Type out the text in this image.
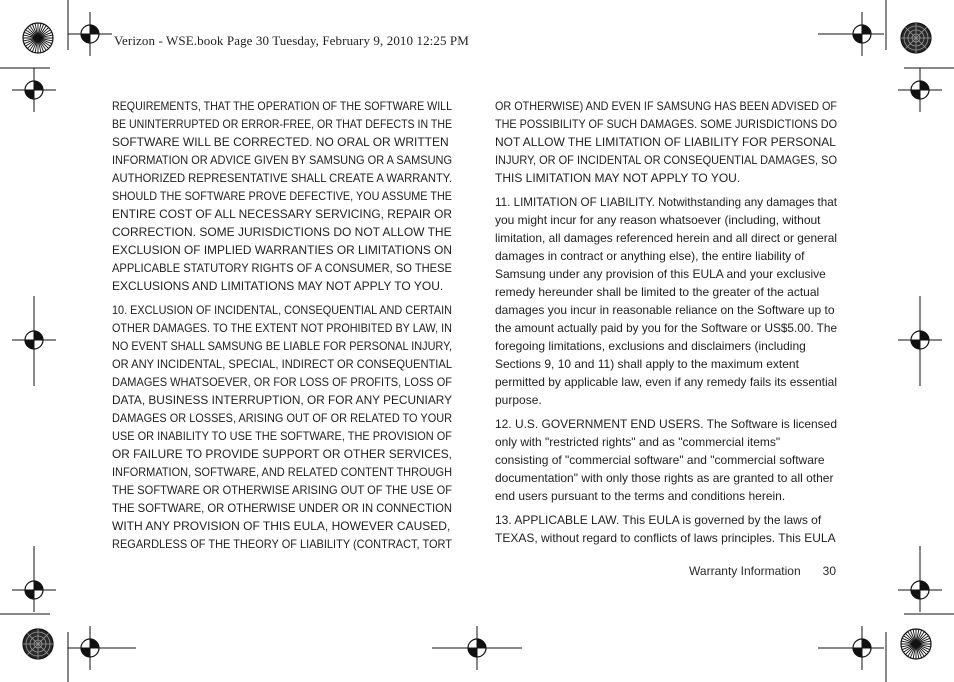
Verizon - WSE.book Page 30 Tuesday, February 9, 2010 12:25 PM

REQUIREMENTS, THAT THE OPERATION OF THE SOFTWARE WILL
BE UNINTERRUPTED OR ERROR-FREE, OR THAT DEFECTS IN THE
SOFTWARE WILL BE CORRECTED. NO ORAL OR WRITTEN
INFORMATION OR ADVICE GIVEN BY SAMSUNG OR A SAMSUNG
AUTHORIZED REPRESENTATIVE SHALL CREATE A WARRANTY.
SHOULD THE SOFTWARE PROVE DEFECTIVE, YOU ASSUME THE
ENTIRE COST OF ALL NECESSARY SERVICING, REPAIR OR
CORRECTION. SOME JURISDICTIONS DO NOT ALLOW THE
EXCLUSION OF IMPLIED WARRANTIES OR LIMITATIONS ON
APPLICABLE STATUTORY RIGHTS OF A CONSUMER, SO THESE
EXCLUSIONS AND LIMITATIONS MAY NOT APPLY TO YOU.

10. EXCLUSION OF INCIDENTAL, CONSEQUENTIAL AND CERTAIN
OTHER DAMAGES. TO THE EXTENT NOT PROHIBITED BY LAW, IN
NO EVENT SHALL SAMSUNG BE LIABLE FOR PERSONAL INJURY,
OR ANY INCIDENTAL, SPECIAL, INDIRECT OR CONSEQUENTIAL
DAMAGES WHATSOEVER, OR FOR LOSS OF PROFITS, LOSS OF
DATA, BUSINESS INTERRUPTION, OR FOR ANY PECUNIARY
DAMAGES OR LOSSES, ARISING OUT OF OR RELATED TO YOUR
USE OR INABILITY TO USE THE SOFTWARE, THE PROVISION OF
OR FAILURE TO PROVIDE SUPPORT OR OTHER SERVICES,
INFORMATION, SOFTWARE, AND RELATED CONTENT THROUGH
THE SOFTWARE OR OTHERWISE ARISING OUT OF THE USE OF
THE SOFTWARE, OR OTHERWISE UNDER OR IN CONNECTION
WITH ANY PROVISION OF THIS EULA, HOWEVER CAUSED,
REGARDLESS OF THE THEORY OF LIABILITY (CONTRACT, TORT

OR OTHERWISE) AND EVEN IF SAMSUNG HAS BEEN ADVISED OF
THE POSSIBILITY OF SUCH DAMAGES. SOME JURISDICTIONS DO
NOT ALLOW THE LIMITATION OF LIABILITY FOR PERSONAL
INJURY, OR OF INCIDENTAL OR CONSEQUENTIAL DAMAGES, SO
THIS LIMITATION MAY NOT APPLY TO YOU.

11. LIMITATION OF LIABILITY. Notwithstanding any damages that
you might incur for any reason whatsoever (including, without
limitation, all damages referenced herein and all direct or general
damages in contract or anything else), the entire liability of
Samsung under any provision of this EULA and your exclusive
remedy hereunder shall be limited to the greater of the actual
damages you incur in reasonable reliance on the Software up to
the amount actually paid by you for the Software or US$5.00. The
foregoing limitations, exclusions and disclaimers (including
Sections 9, 10 and 11) shall apply to the maximum extent
permitted by applicable law, even if any remedy fails its essential
purpose.

12. U.S. GOVERNMENT END USERS. The Software is licensed
only with "restricted rights" and as "commercial items"
consisting of "commercial software" and "commercial software
documentation" with only those rights as are granted to all other
end users pursuant to the terms and conditions herein.

13. APPLICABLE LAW. This EULA is governed by the laws of
TEXAS, without regard to conflicts of laws principles. This EULA

Warranty Information 30
